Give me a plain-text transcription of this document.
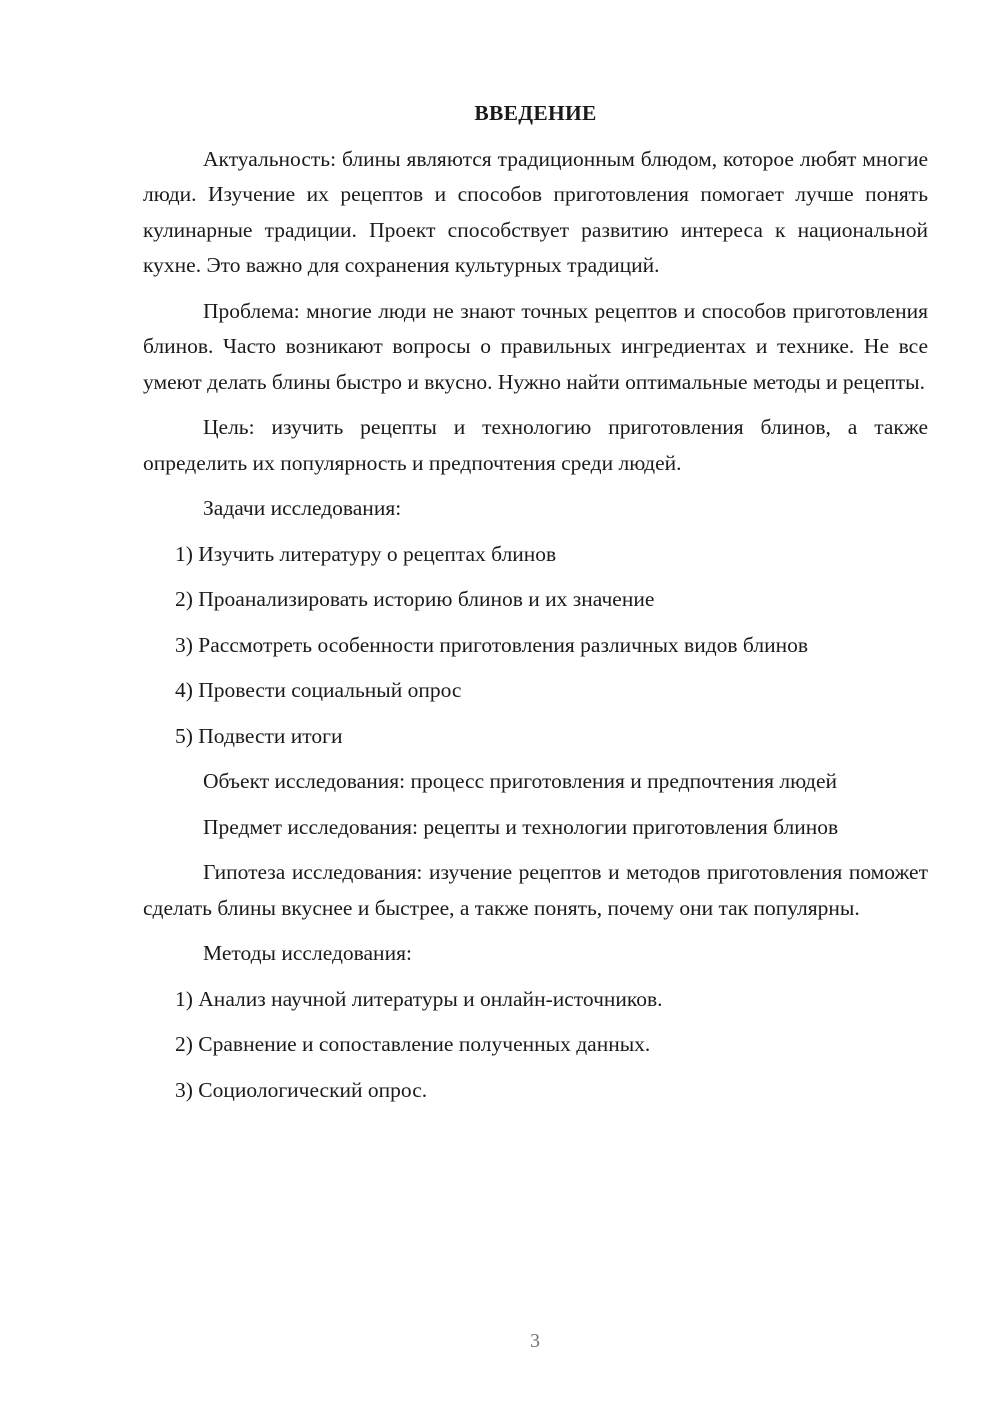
ВВЕДЕНИЕ
Актуальность: блины являются традиционным блюдом, которое любят многие люди. Изучение их рецептов и способов приготовления помогает лучше понять кулинарные традиции. Проект способствует развитию интереса к национальной кухне. Это важно для сохранения культурных традиций.
Проблема: многие люди не знают точных рецептов и способов приготовления блинов. Часто возникают вопросы о правильных ингредиентах и технике. Не все умеют делать блины быстро и вкусно. Нужно найти оптимальные методы и рецепты.
Цель: изучить рецепты и технологию приготовления блинов, а также определить их популярность и предпочтения среди людей.
Задачи исследования:
1) Изучить литературу о рецептах блинов
2) Проанализировать историю блинов и их значение
3) Рассмотреть особенности приготовления различных видов блинов
4) Провести социальный опрос
5) Подвести итоги
Объект исследования: процесс приготовления и предпочтения людей
Предмет исследования: рецепты и технологии приготовления блинов
Гипотеза исследования: изучение рецептов и методов приготовления поможет сделать блины вкуснее и быстрее, а также понять, почему они так популярны.
Методы исследования:
1) Анализ научной литературы и онлайн-источников.
2) Сравнение и сопоставление полученных данных.
3) Социологический опрос.
3
